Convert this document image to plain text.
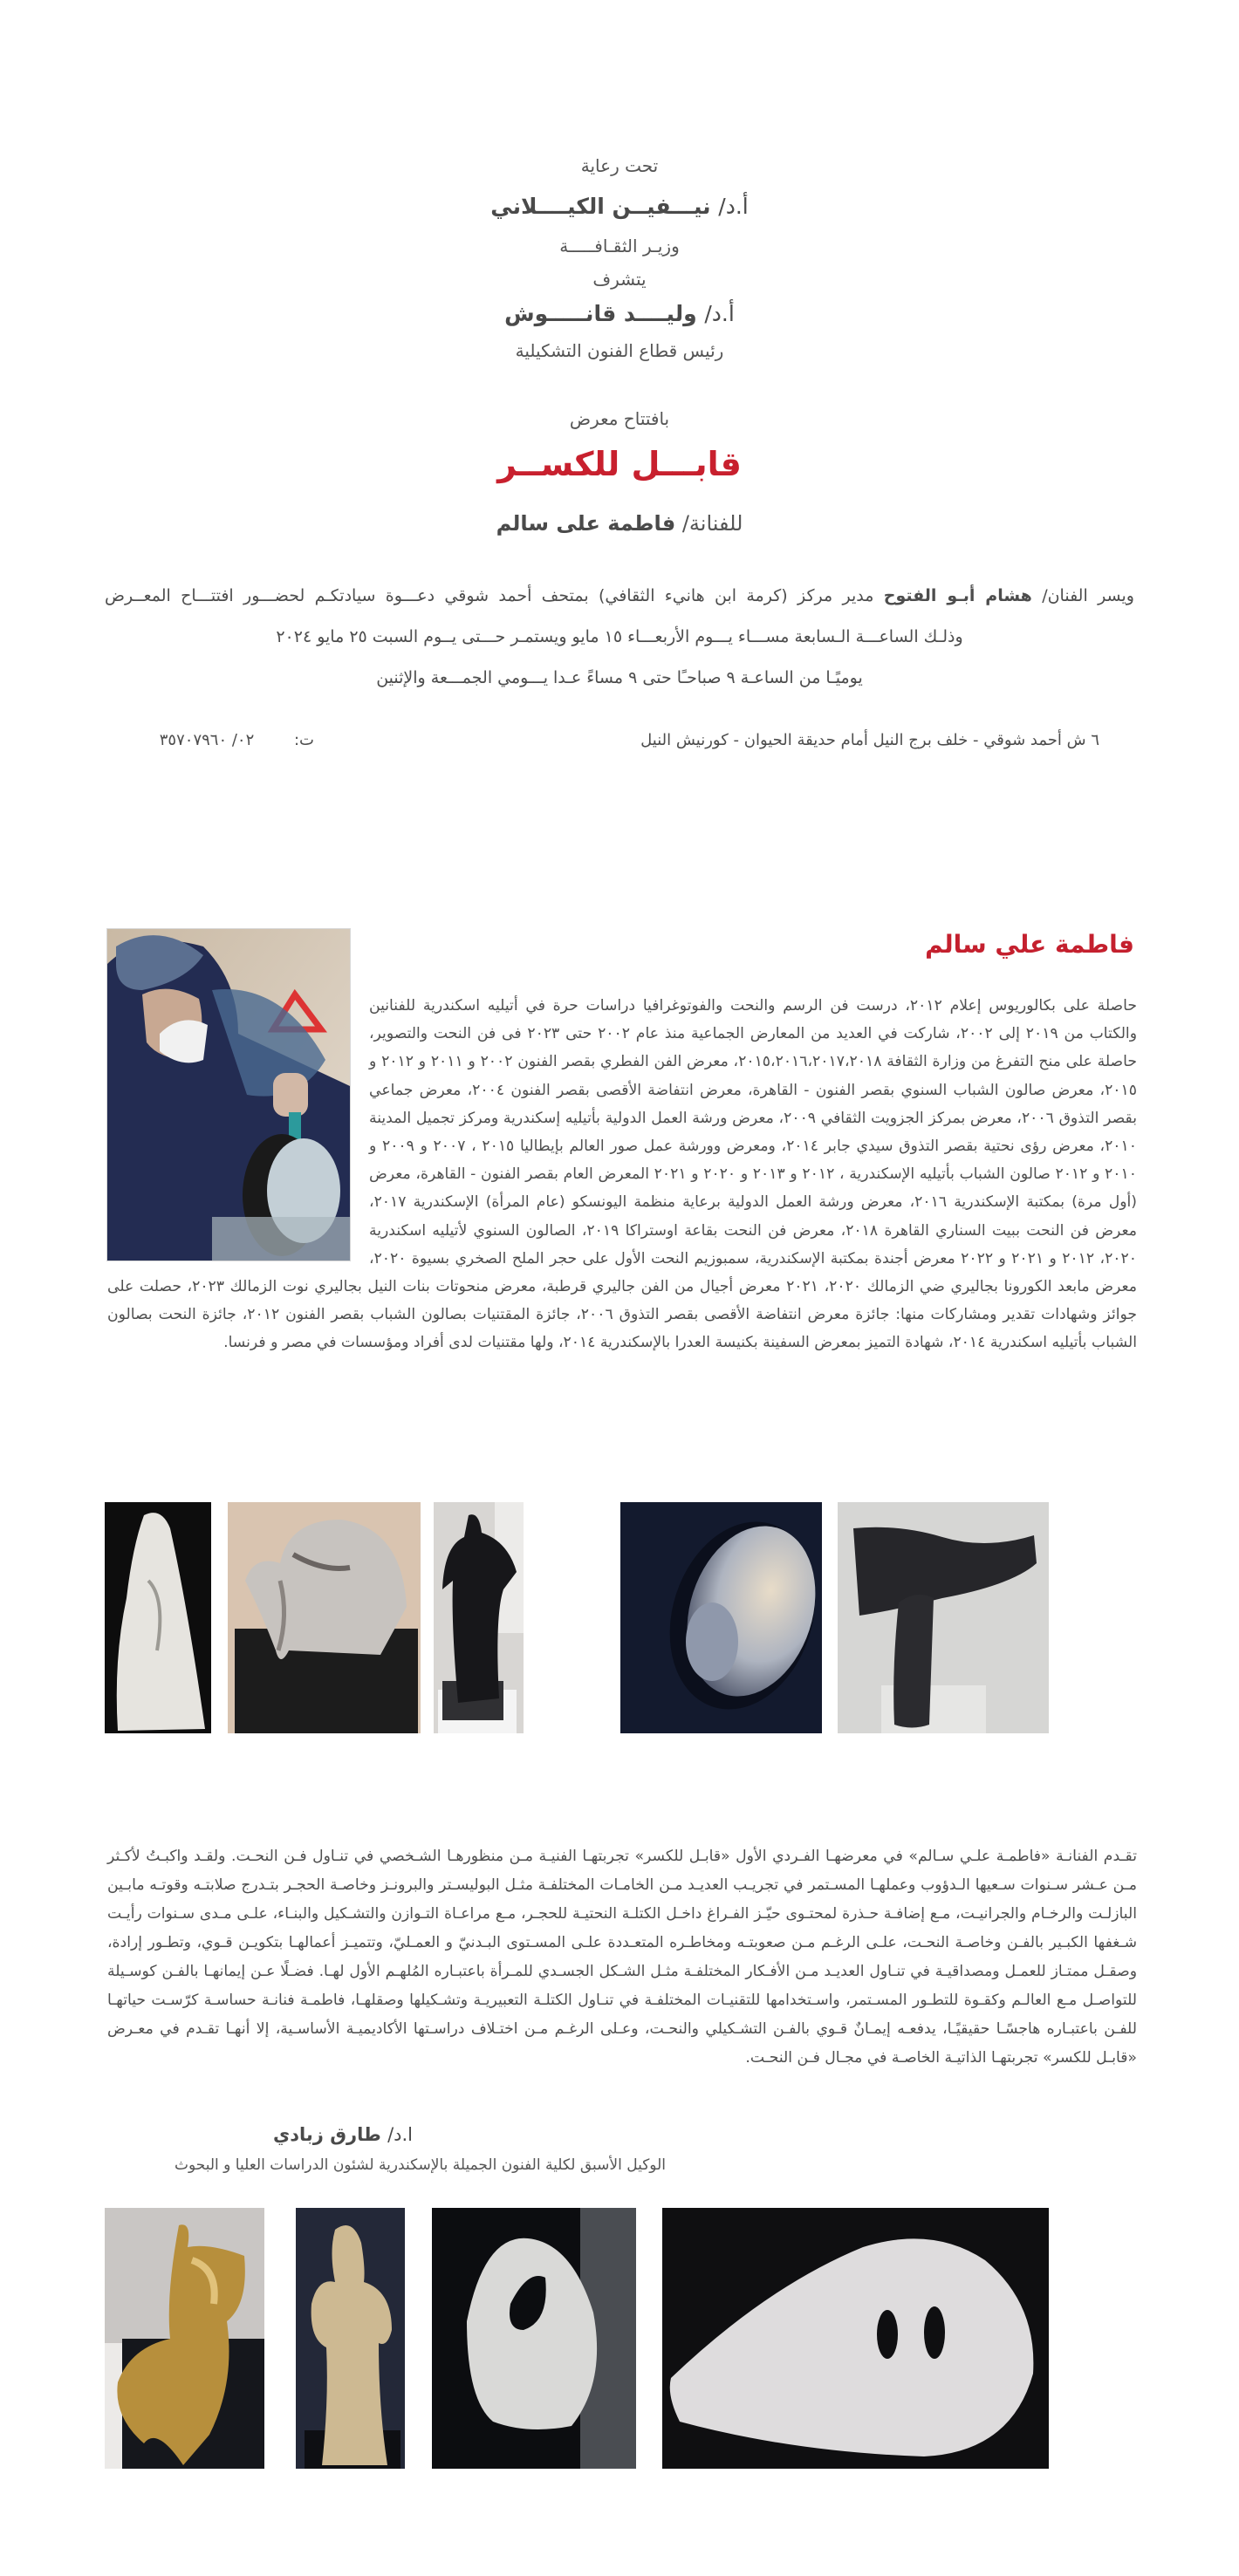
تحت رعاية
أ.د/ نيـــفيــن الكيــــلاني
وزيـر الثقـافـــــة
يتشرف
أ.د/ وليــــد قانـــــوش
رئيس قطاع الفنون التشكيلية
بافتتاح معرض
قابـــل للكســر
للفنانة/ فاطمة على سالم

ويسر الفنان/ هشام أبـو الفتوح مدير مركز (كرمة ابن هانيء الثقافي) بمتحف أحمد شوقي دعـــوة سيادتكـم لحضـــور افتتـــاح المعــرض

وذلـك الساعـــة الـسابعة مســـاء يـــوم الأربعـــاء ١٥ مايو ويستمـر حـــتى يــوم السبت ٢٥ مايو ٢٠٢٤

يوميًـا من الساعـة ٩ صباحـًا حتى ٩ مساءً عـدا يـــومي الجمـــعة والإثنين

٦ ش أحمد شوقي - خلف برج النيل أمام حديقة الحيوان - كورنيش النيل
ت: ٠٢/ ٣٥٧٠٧٩٦٠
فاطمة علي سالم
حاصلة على بكالوريوس إعلام ٢٠١٢، درست فن الرسم والنحت والفوتوغرافيا دراسات حرة في أتيليه اسكندرية للفنانين والكتاب من ٢٠١٩ إلى ٢٠٠٢، شاركت في العديد من المعارض الجماعية منذ عام ٢٠٠٢ حتى ٢٠٢٣ فى فن النحت والتصوير، حاصلة على منح التفرغ من وزارة الثقافة ٢٠١٥،٢٠١٦،٢٠١٧،٢٠١٨، معرض الفن الفطري بقصر الفنون ٢٠٠٢ و ٢٠١١ و ٢٠١٢ و ٢٠١٥، معرض صالون الشباب السنوي بقصر الفنون - القاهرة، معرض انتفاضة الأقصى بقصر الفنون ٢٠٠٤، معرض جماعي بقصر التذوق ٢٠٠٦، معرض بمركز الجزويت الثقافي ٢٠٠٩، معرض ورشة العمل الدولية بأتيليه إسكندرية ومركز تجميل المدينة ٢٠١٠، معرض رؤى نحتية بقصر التذوق سيدي جابر ٢٠١٤، ومعرض وورشة عمل صور العالم بإيطاليا ٢٠١٥ ، ٢٠٠٧ و ٢٠٠٩ و ٢٠١٠ و ٢٠١٢ صالون الشباب بأتيليه الإسكندرية ، ٢٠١٢ و ٢٠١٣ و ٢٠٢٠ و ٢٠٢١ المعرض العام بقصر الفنون - القاهرة، معرض (أول مرة) بمكتبة الإسكندرية ٢٠١٦، معرض ورشة العمل الدولية برعاية منظمة اليونسكو (عام المرأة) الإسكندرية ٢٠١٧، معرض فن النحت ببيت السناري القاهرة ٢٠١٨، معرض فن النحت بقاعة اوستراكا ٢٠١٩، الصالون السنوي لأتيليه اسكندرية ٢٠٢٠، ٢٠١٢ و ٢٠٢١ و ٢٠٢٢ معرض أجندة بمكتبة الإسكندرية، سمبوزيم النحت الأول على حجر الملح الصخري بسيوة ٢٠٢٠، معرض مابعد الكورونا بجاليري ضي الزمالك ٢٠٢٠، ٢٠٢١ معرض أجيال من الفن جاليري قرطبة، معرض منحوتات بنات النيل بجاليري نوت الزمالك ٢٠٢٣، حصلت على جوائز وشهادات تقدير ومشاركات منها: جائزة معرض انتفاضة الأقصى بقصر التذوق ٢٠٠٦، جائزة المقتنيات بصالون الشباب بقصر الفنون ٢٠١٢، جائزة النحت بصالون الشباب بأتيليه اسكندرية ٢٠١٤، شهادة التميز بمعرض السفينة بكنيسة العدرا بالإسكندرية ٢٠١٤، ولها مقتنيات لدى أفراد ومؤسسات في مصر و فرنسا.
تقـدم الفنانـة «فاطمـة علـي سـالم» في معرضهـا الفـردي الأول «قابـل للكسر» تجربتهـا الفنيـة مـن منظورهـا الشـخصي في تنـاول فـن النحـت. ولقـد واكبـتُ لأكـثر مـن عـشر سـنوات سـعيها الـدؤوب وعملهـا المسـتمر في تجريـب العديـد مـن الخامـات المختلفـة مثـل البوليسـتر والبرونـز وخاصـة الحجـر بتـدرج صلابتـه وقوتـه مابـين البازلـت والرخـام والجرانيـت، مـع إضافـة حـذرة لمحتـوى حيّـز الفـراغ داخـل الكتلـة النحتيـة للحجـر، مـع مراعـاة التـوازن والتشـكيل والبنـاء، علـى مـدى سـنوات رأيـت شـغفها الكبـير بالفـن وخاصـة النحـت، علـى الرغـم مـن صعوبتـه ومخاطـره المتعـددة علـى المسـتوى البـدنيّ و العمـليّ، وتتميـز أعمالهـا بتكويـن قـوي، وتطـور إرادة، وصقـل ممتـاز للعمـل ومصداقيـة في تنـاول العديـد مـن الأفـكار المختلفـة مثـل الشـكل الجسـدي للمـرأة باعتبـاره المُلهـم الأول لهـا. فضـلًا عـن إيمانهـا بالفـن كوسـيلة للتواصـل مـع العالـم وكقـوة للتطـور المسـتمر، واسـتخدامها للتقنيـات المختلفـة في تنـاول الكتلـة التعبيريـة وتشـكيلها وصقلهـا، فاطمـة فنانـة حساسـة كرّسـت حياتهـا للفـن باعتبـاره هاجسًـا حقيقيًـا، يدفعـه إيمـانٌ قـوي بالفـن التشـكيلي والنحـت، وعـلى الرغـم مـن اختـلاف دراسـتها الأكاديميـة الأساسـية، إلا أنهـا تقـدم في معـرض «قابـل للكسر» تجربتهـا الذاتيـة الخاصـة في مجـال فـن النحـت.
ا.د/ طارق زبادي
الوكيل الأسبق لكلية الفنون الجميلة بالإسكندرية لشئون الدراسات العليا و البحوث
